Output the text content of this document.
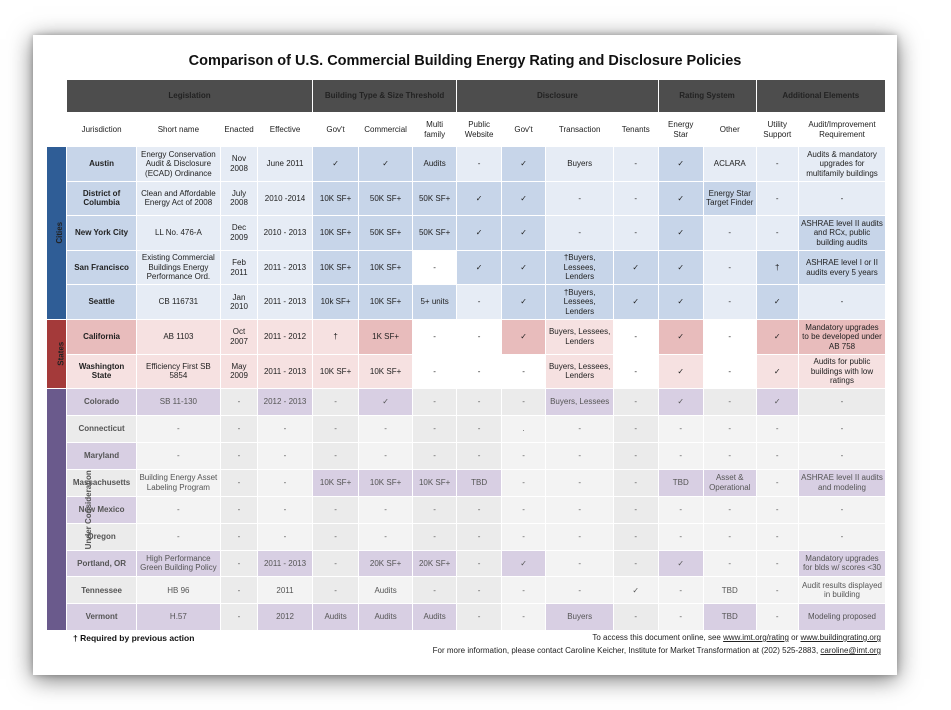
Comparison of U.S. Commercial Building Energy Rating and Disclosure Policies
	Legislation				Building Type & Size Threshold			Disclosure				Rating System		Additional Elements	
	Jurisdiction	Short name	Enacted	Effective	Gov't	Commercial	Multi family	Public Website	Gov't	Transaction	Tenants	Energy Star	Other	Utility Support	Audit/Improvement Requirement
Cities	Austin	Energy Conservation Audit & Disclosure (ECAD) Ordinance	Nov 2008	June 2011	✓	✓	Audits	-	✓	Buyers	-	✓	ACLARA	-	Audits & mandatory upgrades for multifamily buildings
	District of Columbia	Clean and Affordable Energy Act of 2008	July 2008	2010 -2014	10K SF+	50K SF+	50K SF+	✓	✓	-	-	✓	Energy Star Target Finder	-	-
	New York City	LL No. 476-A	Dec 2009	2010 - 2013	10K SF+	50K SF+	50K SF+	✓	✓	-	-	✓	-	-	ASHRAE level II audits and RCx, public building audits
	San Francisco	Existing Commercial Buildings Energy Performance Ord.	Feb 2011	2011 - 2013	10K SF+	10K SF+	-	✓	✓	†Buyers, Lessees, Lenders	✓	✓	-	†	ASHRAE level I or II audits every 5 years
	Seattle	CB 116731	Jan 2010	2011 - 2013	10k SF+	10K SF+	5+ units	-	✓	†Buyers, Lessees, Lenders	✓	✓	-	✓	-
States	California	AB 1103	Oct 2007	2011 - 2012	†	1K SF+	-	-	✓	Buyers, Lessees, Lenders	-	✓	-	✓	Mandatory upgrades to be developed under AB 758
	Washington State	Efficiency First SB 5854	May 2009	2011 - 2013	10K SF+	10K SF+	-	-	-	Buyers, Lessees, Lenders	-	✓	-	✓	Audits for public buildings with low ratings
Under Consideration	Colorado	SB 11-130	-	2012 - 2013	-	✓	-	-	-	Buyers, Lessees	-	✓	-	✓	-
	Connecticut	-	-	-	-	-	-	-	.	-	-	-	-	-	-
	Maryland	-	-	-	-	-	-	-	-	-	-	-	-	-	-
	Massachusetts	Building Energy Asset Labeling Program	-	-	10K SF+	10K SF+	10K SF+	TBD	-	-	-	TBD	Asset & Operational	-	ASHRAE level II audits and modeling
	New Mexico	-	-	-	-	-	-	-	-	-	-	-	-	-	-
	Oregon	-	-	-	-	-	-	-	-	-	-	-	-	-	-
	Portland, OR	High Performance Green Building Policy	-	2011 - 2013	-	20K SF+	20K SF+	-	✓	-	-	✓	-	-	Mandatory upgrades for blds w/ scores <30
	Tennessee	HB 96	-	2011	-	Audits	-	-	-	-	✓	-	TBD	-	Audit results displayed in building
	Vermont	H.57	-	2012	Audits	Audits	Audits	-	-	Buyers	-	-	TBD	-	Modeling proposed
† Required by previous action	To access this document online, see www.imt.org/rating or www.buildingrating.org
For more information, please contact Caroline Keicher, Institute for Market Transformation at (202) 525-2883, caroline@imt.org
